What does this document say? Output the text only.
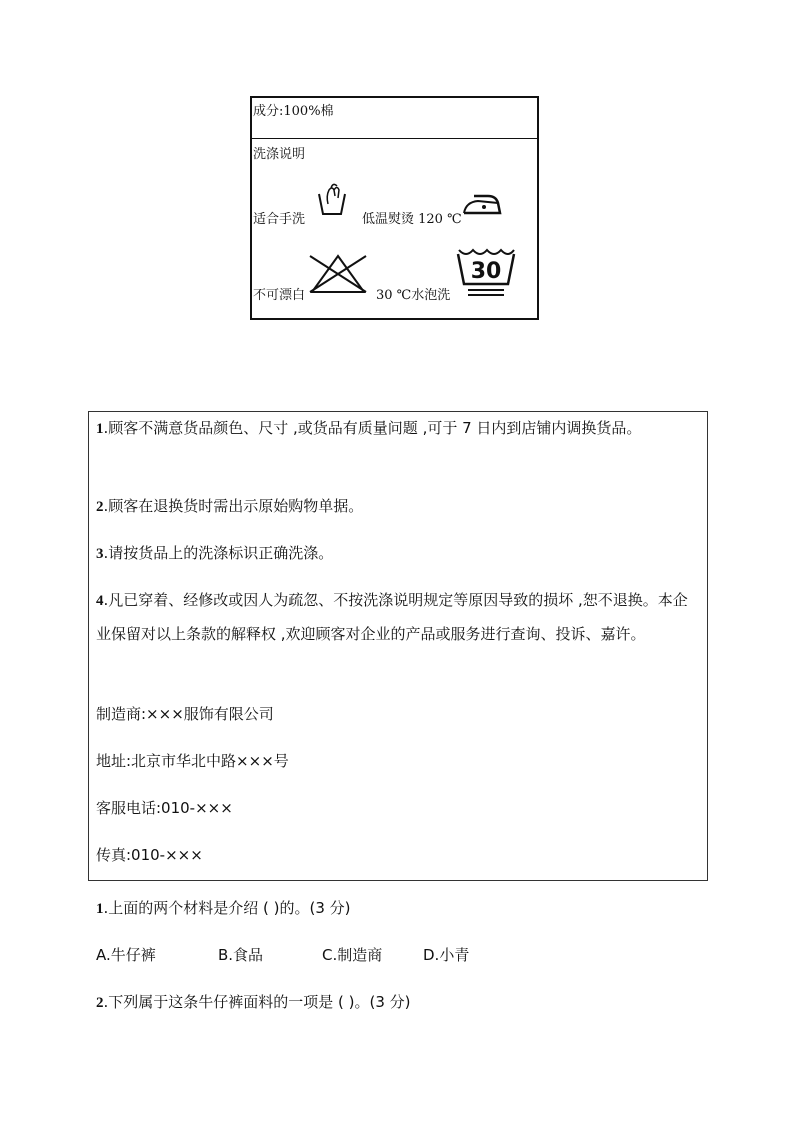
成分:100%棉
洗涤说明
适合手洗	低温熨烫 120 ℃
不可漂白	30 ℃水泡洗
30
1.顾客不满意货品颜色、尺寸 ,或货品有质量问题 ,可于 7 日内到店铺内调换货品。
2.顾客在退换货时需出示原始购物单据。
3.请按货品上的洗涤标识正确洗涤。
4.凡已穿着、经修改或因人为疏忽、不按洗涤说明规定等原因导致的损坏 ,恕不退换。本企业保留对以上条款的解释权 ,欢迎顾客对企业的产品或服务进行查询、投诉、嘉许。
制造商:×××服饰有限公司
地址:北京市华北中路×××号
客服电话:010-×××
传真:010-×××
1.上面的两个材料是介绍 ( )的。(3 分)
A.牛仔裤	B.食品	C.制造商	D.小青
2.下列属于这条牛仔裤面料的一项是 ( )。(3 分)
